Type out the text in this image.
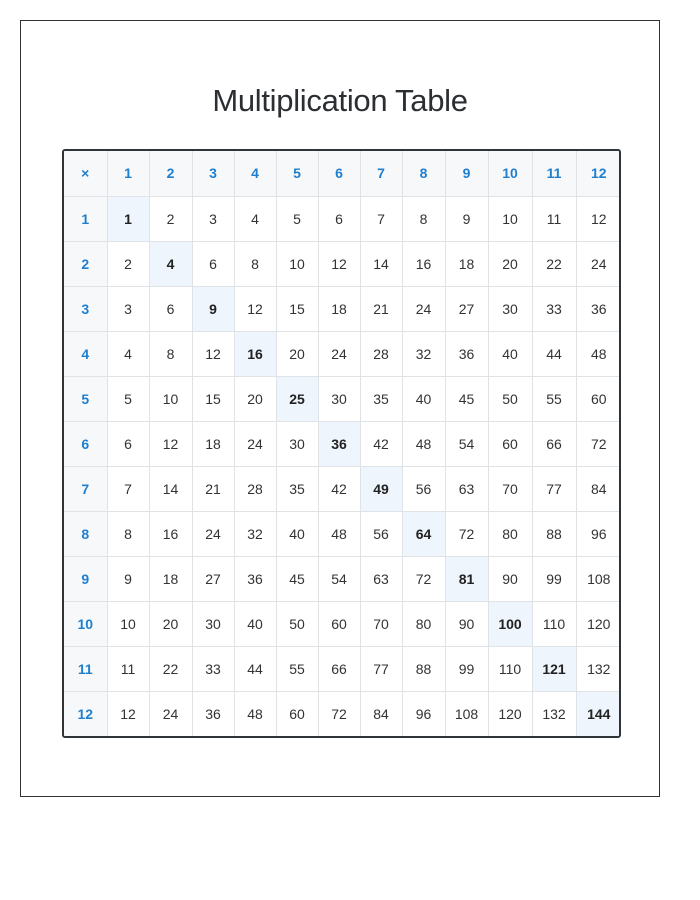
Multiplication Table
×	1	2	3	4	5	6	7	8	9	10	11	12
1	1	2	3	4	5	6	7	8	9	10	11	12
2	2	4	6	8	10	12	14	16	18	20	22	24
3	3	6	9	12	15	18	21	24	27	30	33	36
4	4	8	12	16	20	24	28	32	36	40	44	48
5	5	10	15	20	25	30	35	40	45	50	55	60
6	6	12	18	24	30	36	42	48	54	60	66	72
7	7	14	21	28	35	42	49	56	63	70	77	84
8	8	16	24	32	40	48	56	64	72	80	88	96
9	9	18	27	36	45	54	63	72	81	90	99	108
10	10	20	30	40	50	60	70	80	90	100	110	120
11	11	22	33	44	55	66	77	88	99	110	121	132
12	12	24	36	48	60	72	84	96	108	120	132	144
